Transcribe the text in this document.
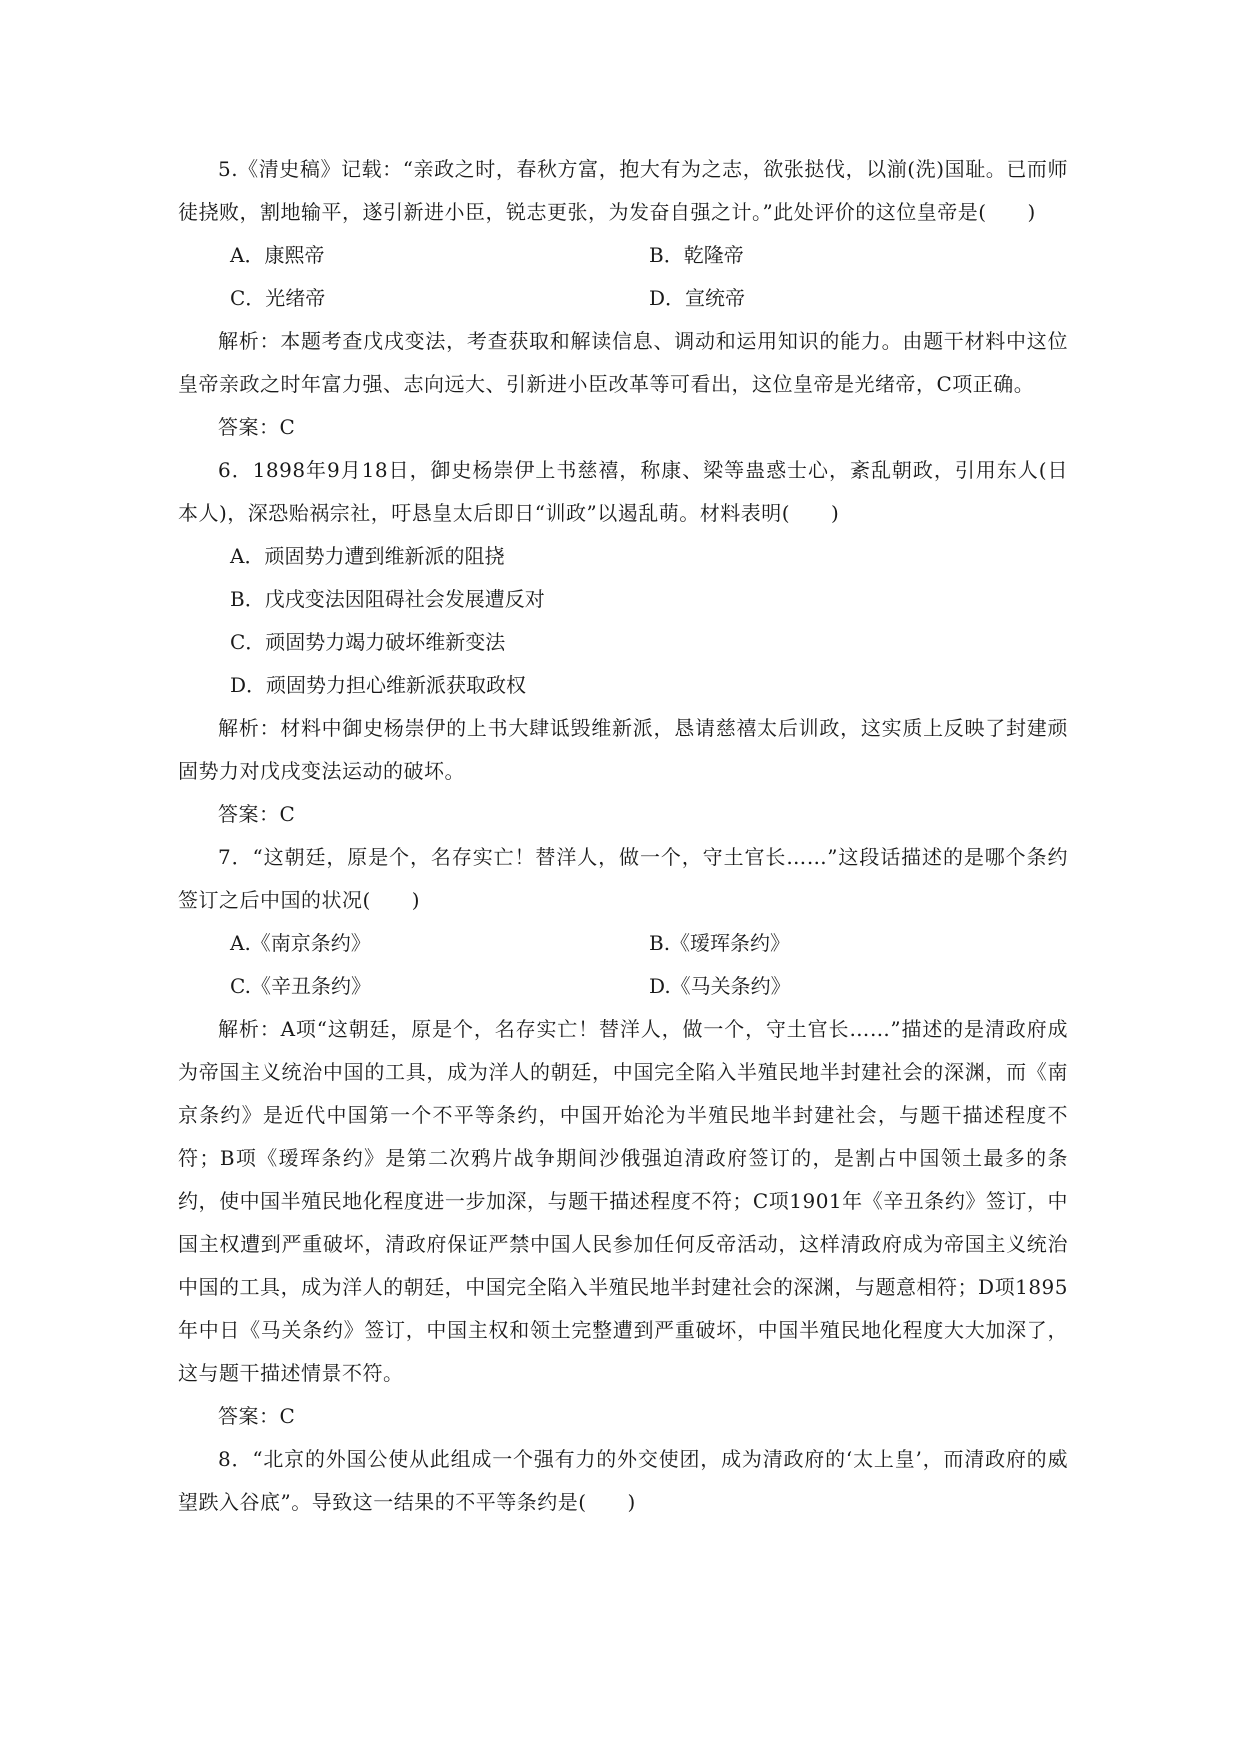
5.《清史稿》记载：“亲政之时，春秋方富，抱大有为之志，欲张挞伐，以湔(洗)国耻。已而师徒挠败，割地输平，遂引新进小臣，锐志更张，为发奋自强之计。”此处评价的这位皇帝是(　　)

A．康熙帝	B．乾隆帝
C．光绪帝	D．宣统帝

解析：本题考查戊戌变法，考查获取和解读信息、调动和运用知识的能力。由题干材料中这位皇帝亲政之时年富力强、志向远大、引新进小臣改革等可看出，这位皇帝是光绪帝，C项正确。

答案：C

6．1898年9月18日，御史杨崇伊上书慈禧，称康、梁等蛊惑士心，紊乱朝政，引用东人(日本人)，深恐贻祸宗社，吁恳皇太后即日“训政”以遏乱萌。材料表明(　　)

A．顽固势力遭到维新派的阻挠
B．戊戌变法因阻碍社会发展遭反对
C．顽固势力竭力破坏维新变法
D．顽固势力担心维新派获取政权

解析：材料中御史杨崇伊的上书大肆诋毁维新派，恳请慈禧太后训政，这实质上反映了封建顽固势力对戊戌变法运动的破坏。

答案：C

7．“这朝廷，原是个，名存实亡！替洋人，做一个，守土官长……”这段话描述的是哪个条约签订之后中国的状况(　　)

A.《南京条约》	B.《瑷珲条约》
C.《辛丑条约》	D.《马关条约》

解析：A项“这朝廷，原是个，名存实亡！替洋人，做一个，守土官长……”描述的是清政府成为帝国主义统治中国的工具，成为洋人的朝廷，中国完全陷入半殖民地半封建社会的深渊，而《南京条约》是近代中国第一个不平等条约，中国开始沦为半殖民地半封建社会，与题干描述程度不符；B项《瑷珲条约》是第二次鸦片战争期间沙俄强迫清政府签订的，是割占中国领土最多的条约，使中国半殖民地化程度进一步加深，与题干描述程度不符；C项1901年《辛丑条约》签订，中国主权遭到严重破坏，清政府保证严禁中国人民参加任何反帝活动，这样清政府成为帝国主义统治中国的工具，成为洋人的朝廷，中国完全陷入半殖民地半封建社会的深渊，与题意相符；D项1895年中日《马关条约》签订，中国主权和领土完整遭到严重破坏，中国半殖民地化程度大大加深了，这与题干描述情景不符。

答案：C

8．“北京的外国公使从此组成一个强有力的外交使团，成为清政府的‘太上皇’，而清政府的威望跌入谷底”。导致这一结果的不平等条约是(　　)
